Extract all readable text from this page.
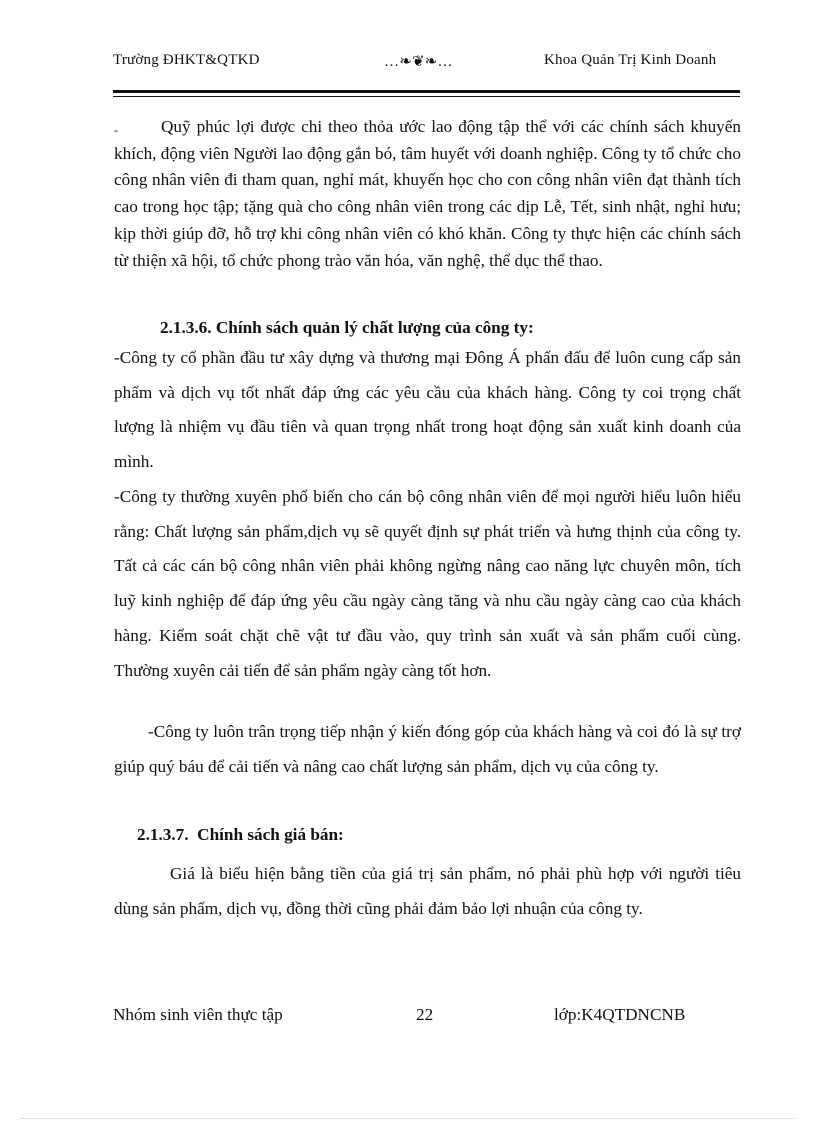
Trường ĐHKT&QTKD	…❧❦❧…	Khoa Quản Trị Kinh Doanh
-	Quỹ phúc lợi được chi theo thỏa ước lao động tập thể với các chính sách khuyến khích, động viên Người lao động gắn bó, tâm huyết với doanh nghiệp. Công ty tổ chức cho công nhân viên đi tham quan, nghỉ mát, khuyến học cho con công nhân viên đạt thành tích cao trong học tập; tặng quà cho công nhân viên trong các dịp Lễ, Tết, sinh nhật, nghỉ hưu; kịp thời giúp đỡ, hỗ trợ khi công nhân viên có khó khăn. Công ty thực hiện các chính sách từ thiện xã hội, tổ chức phong trào văn hóa, văn nghệ, thể dục thể thao.
2.1.3.6. Chính sách quản lý chất lượng của công ty:
-Công ty cổ phần đầu tư xây dựng và thương mại Đông Á phấn đấu để luôn cung cấp sản phẩm và dịch vụ tốt nhất đáp ứng các yêu cầu của khách hàng. Công ty coi trọng chất lượng là nhiệm vụ đầu tiên và quan trọng nhất trong hoạt động sản xuất kinh doanh của mình.
-Công ty thường xuyên phổ biến cho cán bộ công nhân viên để mọi người hiểu luôn hiểu rằng: Chất lượng sản phẩm,dịch vụ sẽ quyết định sự phát triển và hưng thịnh của công ty. Tất cả các cán bộ công nhân viên phải không ngừng nâng cao năng lực chuyên môn, tích luỹ kinh nghiệp để đáp ứng yêu cầu ngày càng tăng và nhu cầu ngày càng cao của khách hàng. Kiểm soát chặt chẽ vật tư đầu vào, quy trình sản xuất và sản phẩm cuối cùng. Thường xuyên cải tiến để sản phẩm ngày càng tốt hơn.
-Công ty luôn trân trọng tiếp nhận ý kiến đóng góp của khách hàng và coi đó là sự trợ giúp quý báu để cải tiến và nâng cao chất lượng sản phẩm, dịch vụ của công ty.
2.1.3.7.  Chính sách giá bán:
Giá là biểu hiện bằng tiền của giá trị sản phẩm, nó phải phù hợp với người tiêu dùng sản phẩm, dịch vụ, đồng thời cũng phải đảm bảo lợi nhuận của công ty.
Nhóm sinh viên thực tập	22	lớp:K4QTDNCNB
